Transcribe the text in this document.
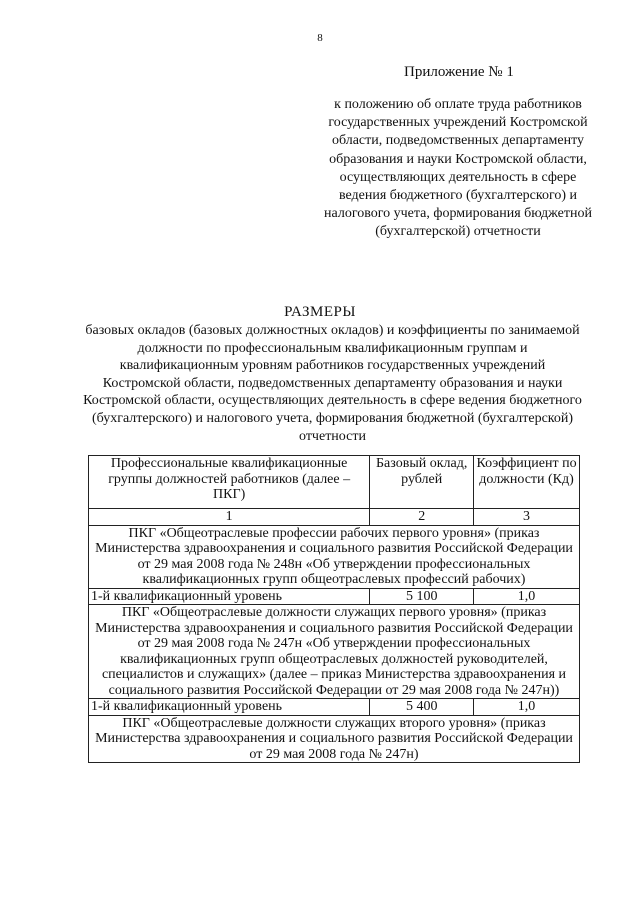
8
Приложение № 1
к положению об оплате труда работников государственных учреждений Костромской области, подведомственных департаменту образования и науки Костромской области, осуществляющих деятельность в сфере ведения бюджетного (бухгалтерского) и налогового учета, формирования бюджетной (бухгалтерской) отчетности
РАЗМЕРЫ
базовых окладов (базовых должностных окладов) и коэффициенты по занимаемой должности по профессиональным квалификационным группам и квалификационным уровням работников государственных учреждений Костромской области, подведомственных департаменту образования и науки Костромской области, осуществляющих деятельность в сфере ведения бюджетного (бухгалтерского) и налогового учета, формирования бюджетной (бухгалтерской) отчетности
Профессиональные квалификационные группы должностей работников (далее – ПКГ)	Базовый оклад, рублей	Коэффициент по должности (Кд)
1	2	3
ПКГ «Общеотраслевые профессии рабочих первого уровня» (приказ Министерства здравоохранения и социального развития Российской Федерации от 29 мая 2008 года № 248н «Об утверждении профессиональных квалификационных групп общеотраслевых профессий рабочих)		
1-й квалификационный уровень	5 100	1,0
ПКГ «Общеотраслевые должности служащих первого уровня» (приказ Министерства здравоохранения и социального развития Российской Федерации от 29 мая 2008 года № 247н «Об утверждении профессиональных квалификационных групп общеотраслевых должностей руководителей, специалистов и служащих» (далее – приказ Министерства здравоохранения и социального развития Российской Федерации от 29 мая 2008 года № 247н))		
1-й квалификационный уровень	5 400	1,0
ПКГ «Общеотраслевые должности служащих второго уровня» (приказ Министерства здравоохранения и социального развития Российской Федерации от 29 мая 2008 года № 247н)		
